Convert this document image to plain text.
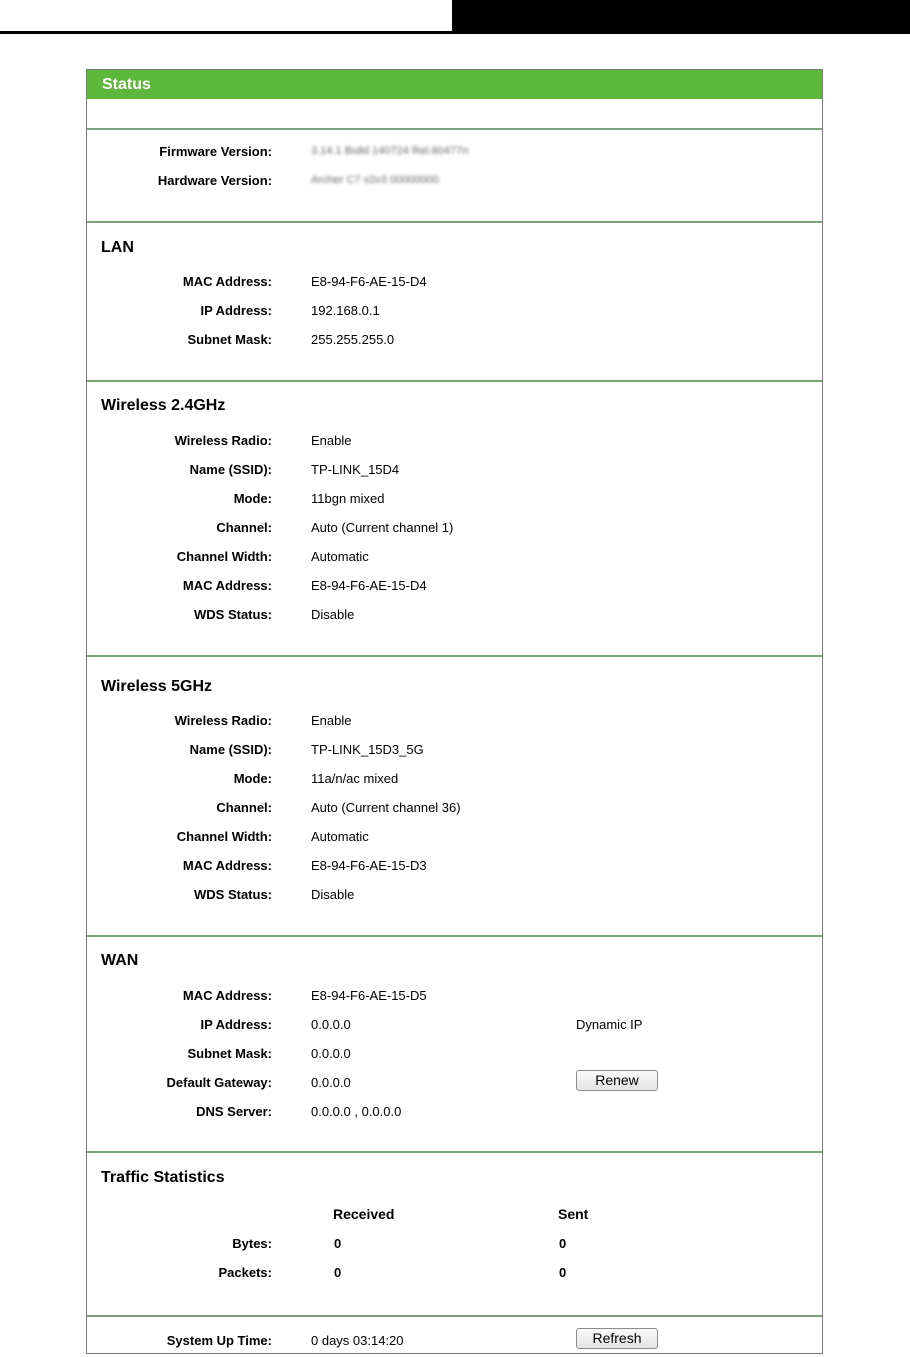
Status
Firmware Version:	3.14.1 Build 140724 Rel.60477n
Hardware Version:	Archer C7 v2v3 00000000
LAN
MAC Address:	E8-94-F6-AE-15-D4
IP Address:	192.168.0.1
Subnet Mask:	255.255.255.0
Wireless 2.4GHz
Wireless Radio:	Enable
Name (SSID):	TP-LINK_15D4
Mode:	11bgn mixed
Channel:	Auto (Current channel 1)
Channel Width:	Automatic
MAC Address:	E8-94-F6-AE-15-D4
WDS Status:	Disable
Wireless 5GHz
Wireless Radio:	Enable
Name (SSID):	TP-LINK_15D3_5G
Mode:	11a/n/ac mixed
Channel:	Auto (Current channel 36)
Channel Width:	Automatic
MAC Address:	E8-94-F6-AE-15-D3
WDS Status:	Disable
WAN
MAC Address:	E8-94-F6-AE-15-D5
IP Address:	0.0.0.0	Dynamic IP
Subnet Mask:	0.0.0.0
Default Gateway:	0.0.0.0	Renew
DNS Server:	0.0.0.0 , 0.0.0.0
Traffic Statistics
Received	Sent
Bytes:	0	0
Packets:	0	0
System Up Time:	0 days 03:14:20	Refresh
